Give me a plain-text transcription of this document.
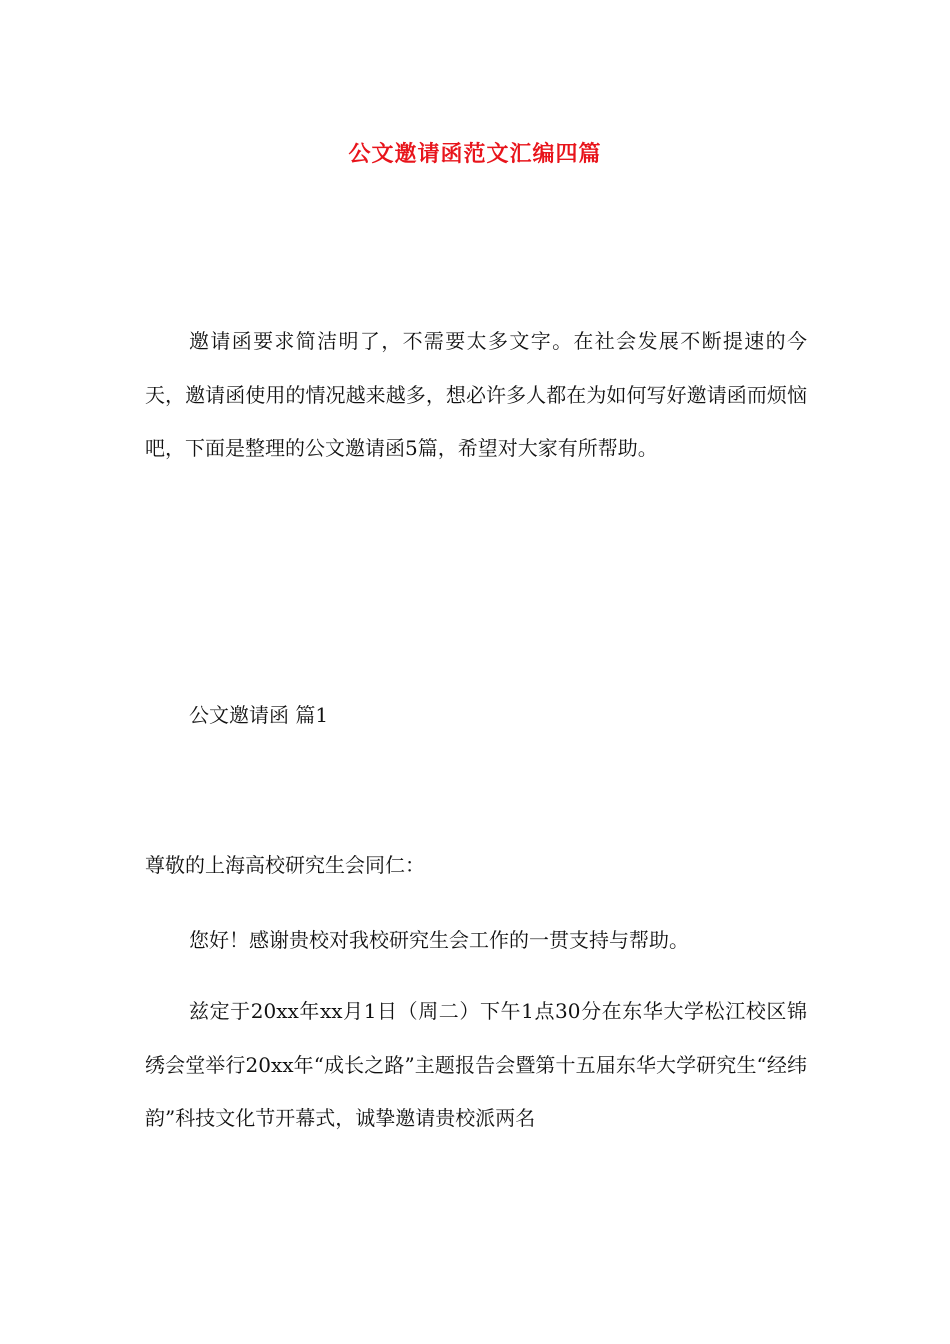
公文邀请函范文汇编四篇

邀请函要求简洁明了，不需要太多文字。在社会发展不断提速的今天，邀请函使用的情况越来越多，想必许多人都在为如何写好邀请函而烦恼吧，下面是整理的公文邀请函5篇，希望对大家有所帮助。

公文邀请函 篇1

尊敬的上海高校研究生会同仁：

您好！感谢贵校对我校研究生会工作的一贯支持与帮助。

兹定于20xx年xx月1日（周二）下午1点30分在东华大学松江校区锦绣会堂举行20xx年“成长之路”主题报告会暨第十五届东华大学研究生“经纬韵”科技文化节开幕式，诚挚邀请贵校派两名
